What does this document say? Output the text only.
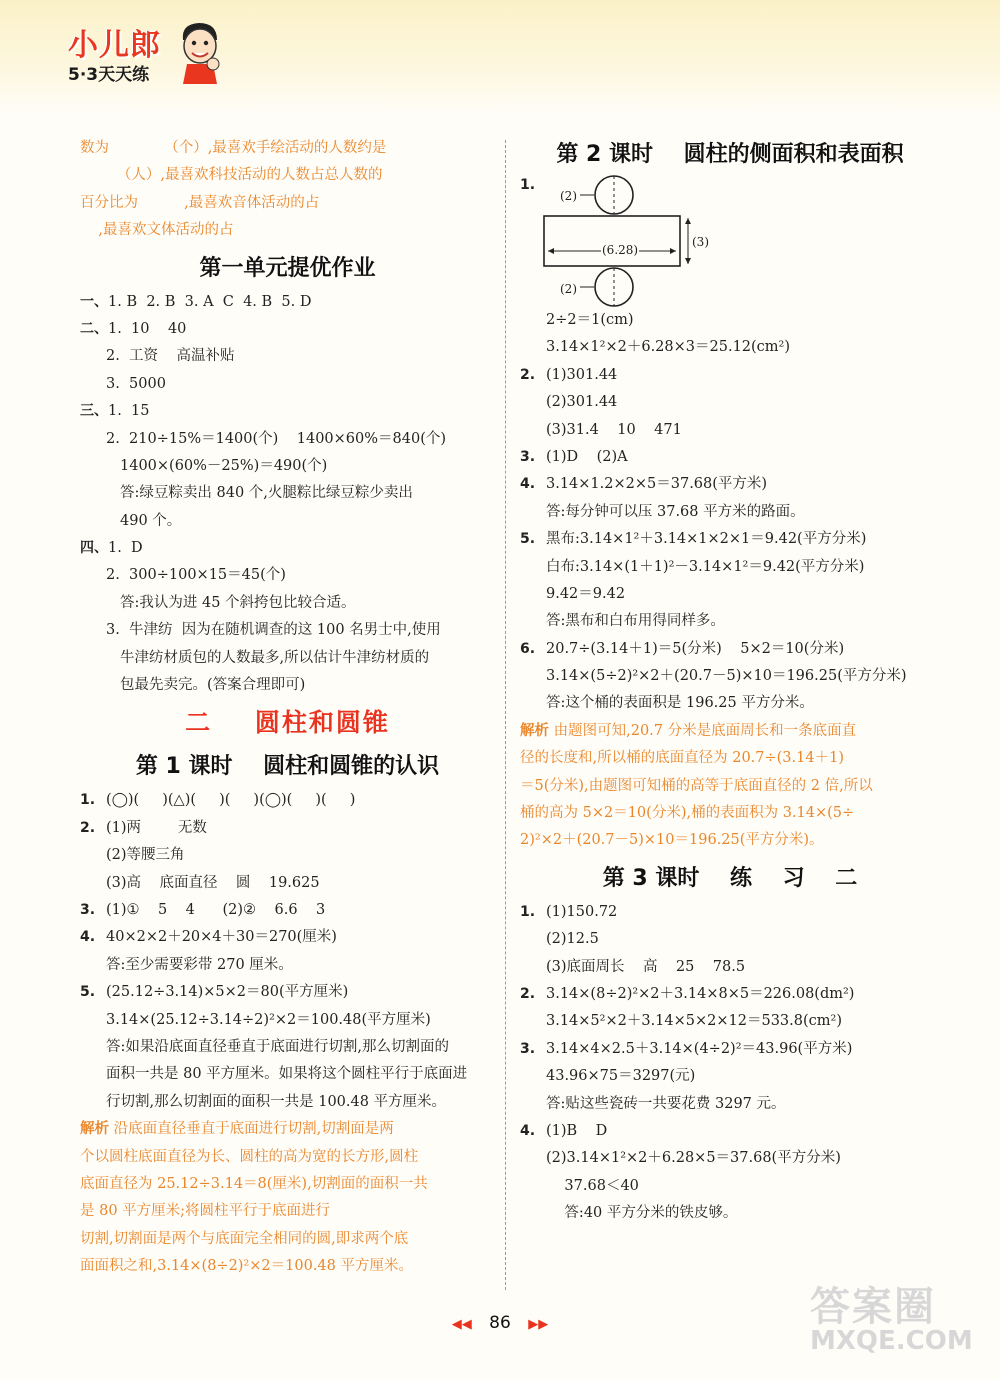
小儿郎
5·3天天练
数为            （个）,最喜欢手绘活动的人数约是
（人）,最喜欢科技活动的人数占总人数的
百分比为          ,最喜欢音体活动的占
,最喜欢文体活动的占
第一单元提优作业
一、1. B  2. B  3. A  C  4. B  5. D
二、1.  10    40
2.  工资    高温补贴
3.  5000
三、1.  15
2.  210÷15%＝1400(个)    1400×60%＝840(个)
1400×(60%－25%)＝490(个)
答:绿豆粽卖出 840 个,火腿粽比绿豆粽少卖出
490 个。
四、1.  D
2.  300÷100×15＝45(个)
答:我认为进 45 个斜挎包比较合适。
3.  牛津纺  因为在随机调查的这 100 名男士中,使用
牛津纺材质包的人数最多,所以估计牛津纺材质的
包最先卖完。(答案合理即可)
二    圆柱和圆锥
第 1 课时    圆柱和圆锥的认识
1. (◯)(     )(△)(     )(     )(◯)(     )(     )
2. (1)两        无数
(2)等腰三角
(3)高    底面直径    圆    19.625
3. (1)①    5    4      (2)②    6.6    3
4. 40×2×2＋20×4＋30＝270(厘米)
答:至少需要彩带 270 厘米。
5. (25.12÷3.14)×5×2＝80(平方厘米)
3.14×(25.12÷3.14÷2)²×2＝100.48(平方厘米)
答:如果沿底面直径垂直于底面进行切割,那么切割面的
面积一共是 80 平方厘米。如果将这个圆柱平行于底面进
行切割,那么切割面的面积一共是 100.48 平方厘米。
解析 沿底面直径垂直于底面进行切割,切割面是两
个以圆柱底面直径为长、圆柱的高为宽的长方形,圆柱
底面直径为 25.12÷3.14＝8(厘米),切割面的面积一共
是 80 平方厘米;将圆柱平行于底面进行
切割,切割面是两个与底面完全相同的圆,即求两个底
面面积之和,3.14×(8÷2)²×2＝100.48 平方厘米。
第 2 课时    圆柱的侧面积和表面积
1.
(6.28)
(3)
(2)
(2)
2÷2＝1(cm)
3.14×1²×2＋6.28×3＝25.12(cm²)
2. (1)301.44
(2)301.44
(3)31.4    10    471
3. (1)D    (2)A
4. 3.14×1.2×2×5＝37.68(平方米)
答:每分钟可以压 37.68 平方米的路面。
5. 黑布:3.14×1²＋3.14×1×2×1＝9.42(平方分米)
白布:3.14×(1＋1)²－3.14×1²＝9.42(平方分米)
9.42＝9.42
答:黑布和白布用得同样多。
6. 20.7÷(3.14＋1)＝5(分米)    5×2＝10(分米)
3.14×(5÷2)²×2＋(20.7－5)×10＝196.25(平方分米)
答:这个桶的表面积是 196.25 平方分米。
解析 由题图可知,20.7 分米是底面周长和一条底面直
径的长度和,所以桶的底面直径为 20.7÷(3.14＋1)
＝5(分米),由题图可知桶的高等于底面直径的 2 倍,所以
桶的高为 5×2＝10(分米),桶的表面积为 3.14×(5÷
2)²×2＋(20.7－5)×10＝196.25(平方分米)。
第 3 课时    练    习    二
1. (1)150.72
(2)12.5
(3)底面周长    高    25    78.5
2. 3.14×(8÷2)²×2＋3.14×8×5＝226.08(dm²)
3.14×5²×2＋3.14×5×2×12＝533.8(cm²)
3. 3.14×4×2.5＋3.14×(4÷2)²＝43.96(平方米)
43.96×75＝3297(元)
答:贴这些瓷砖一共要花费 3297 元。
4. (1)B    D
(2)3.14×1²×2＋6.28×5＝37.68(平方分米)
37.68＜40
答:40 平方分米的铁皮够。
◀◀ 86 ▶▶	答案圈
MXQE.COM
